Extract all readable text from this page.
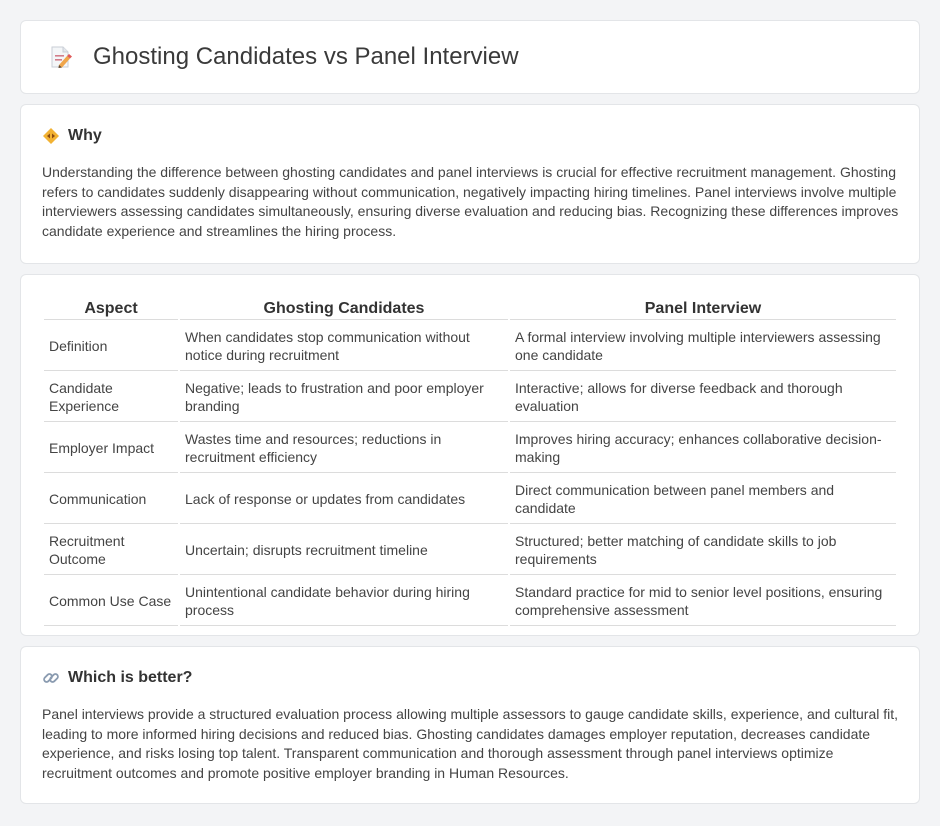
Ghosting Candidates vs Panel Interview
Why

Understanding the difference between ghosting candidates and panel interviews is crucial for effective recruitment management. Ghosting refers to candidates suddenly disappearing without communication, negatively impacting hiring timelines. Panel interviews involve multiple interviewers assessing candidates simultaneously, ensuring diverse evaluation and reducing bias. Recognizing these differences improves candidate experience and streamlines the hiring process.

Aspect	Ghosting Candidates	Panel Interview
Definition	When candidates stop communication without notice during recruitment	A formal interview involving multiple interviewers assessing one candidate
Candidate Experience	Negative; leads to frustration and poor employer branding	Interactive; allows for diverse feedback and thorough evaluation
Employer Impact	Wastes time and resources; reductions in recruitment efficiency	Improves hiring accuracy; enhances collaborative decision-making
Communication	Lack of response or updates from candidates	Direct communication between panel members and candidate
Recruitment Outcome	Uncertain; disrupts recruitment timeline	Structured; better matching of candidate skills to job requirements
Common Use Case	Unintentional candidate behavior during hiring process	Standard practice for mid to senior level positions, ensuring comprehensive assessment
Which is better?

Panel interviews provide a structured evaluation process allowing multiple assessors to gauge candidate skills, experience, and cultural fit, leading to more informed hiring decisions and reduced bias. Ghosting candidates damages employer reputation, decreases candidate experience, and risks losing top talent. Transparent communication and thorough assessment through panel interviews optimize recruitment outcomes and promote positive employer branding in Human Resources.
